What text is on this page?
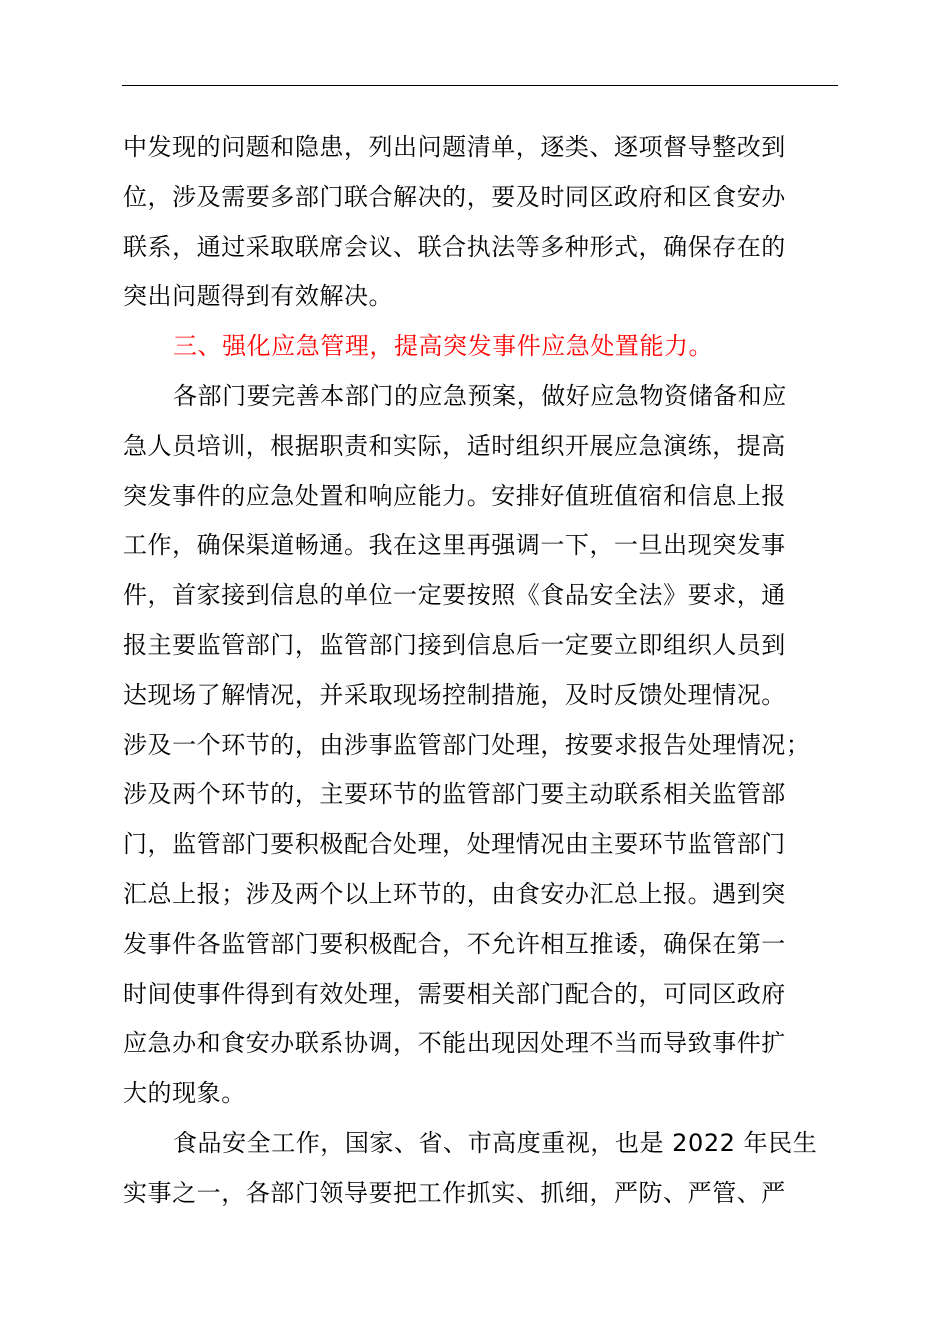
中发现的问题和隐患，列出问题清单，逐类、逐项督导整改到
位，涉及需要多部门联合解决的，要及时同区政府和区食安办
联系，通过采取联席会议、联合执法等多种形式，确保存在的
突出问题得到有效解决。
三、强化应急管理，提高突发事件应急处置能力。
各部门要完善本部门的应急预案，做好应急物资储备和应
急人员培训，根据职责和实际，适时组织开展应急演练，提高
突发事件的应急处置和响应能力。安排好值班值宿和信息上报
工作，确保渠道畅通。我在这里再强调一下，一旦出现突发事
件，首家接到信息的单位一定要按照《食品安全法》要求，通
报主要监管部门，监管部门接到信息后一定要立即组织人员到
达现场了解情况，并采取现场控制措施，及时反馈处理情况。
涉及一个环节的，由涉事监管部门处理，按要求报告处理情况；
涉及两个环节的，主要环节的监管部门要主动联系相关监管部
门，监管部门要积极配合处理，处理情况由主要环节监管部门
汇总上报；涉及两个以上环节的，由食安办汇总上报。遇到突
发事件各监管部门要积极配合，不允许相互推诿，确保在第一
时间使事件得到有效处理，需要相关部门配合的，可同区政府
应急办和食安办联系协调，不能出现因处理不当而导致事件扩
大的现象。
食品安全工作，国家、省、市高度重视，也是 2022 年民生
实事之一，各部门领导要把工作抓实、抓细，严防、严管、严
